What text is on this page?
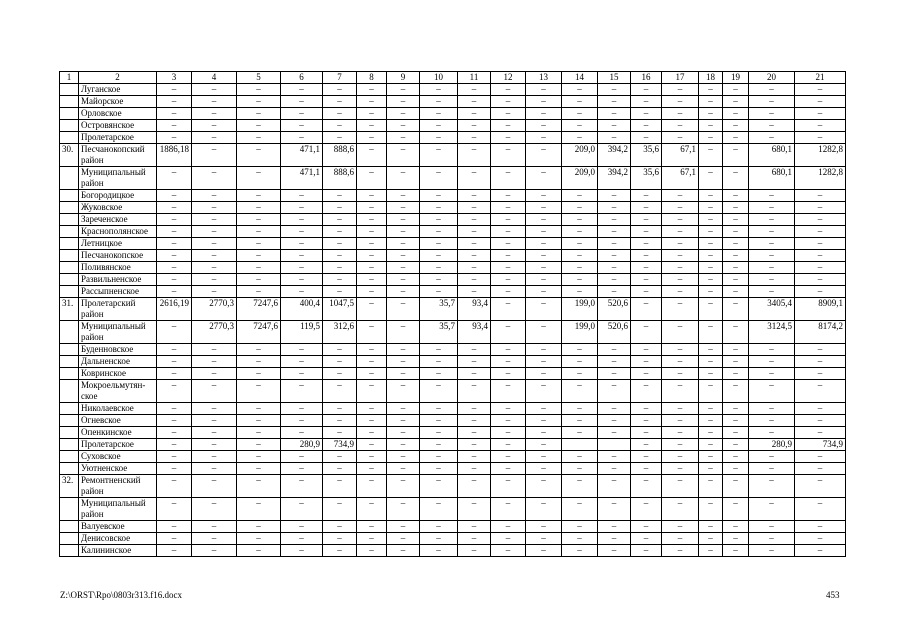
1	2	3	4	5	6	7	8	9	10	11	12	13	14	15	16	17	18	19	20	21
	Луганское	–	–	–	–	–	–	–	–	–	–	–	–	–	–	–	–	–	–	–
	Майорское	–	–	–	–	–	–	–	–	–	–	–	–	–	–	–	–	–	–	–
	Орловское	–	–	–	–	–	–	–	–	–	–	–	–	–	–	–	–	–	–	–
	Островянское	–	–	–	–	–	–	–	–	–	–	–	–	–	–	–	–	–	–	–
	Пролетарское	–	–	–	–	–	–	–	–	–	–	–	–	–	–	–	–	–	–	–
30.	Песчанокопский район	1886,18	–	–	471,1	888,6	–	–	–	–	–	–	209,0	394,2	35,6	67,1	–	–	680,1	1282,8
	Муниципальный район	–	–	–	471,1	888,6	–	–	–	–	–	–	209,0	394,2	35,6	67,1	–	–	680,1	1282,8
	Богородицкое	–	–	–	–	–	–	–	–	–	–	–	–	–	–	–	–	–	–	–
	Жуковское	–	–	–	–	–	–	–	–	–	–	–	–	–	–	–	–	–	–	–
	Зареченское	–	–	–	–	–	–	–	–	–	–	–	–	–	–	–	–	–	–	–
	Краснополянское	–	–	–	–	–	–	–	–	–	–	–	–	–	–	–	–	–	–	–
	Летницкое	–	–	–	–	–	–	–	–	–	–	–	–	–	–	–	–	–	–	–
	Песчанокопское	–	–	–	–	–	–	–	–	–	–	–	–	–	–	–	–	–	–	–
	Поливянское	–	–	–	–	–	–	–	–	–	–	–	–	–	–	–	–	–	–	–
	Развильненское	–	–	–	–	–	–	–	–	–	–	–	–	–	–	–	–	–	–	–
	Рассыпненское	–	–	–	–	–	–	–	–	–	–	–	–	–	–	–	–	–	–	–
31.	Пролетарский район	2616,19	2770,3	7247,6	400,4	1047,5	–	–	35,7	93,4	–	–	199,0	520,6	–	–	–	–	3405,4	8909,1
	Муниципальный район	–	2770,3	7247,6	119,5	312,6	–	–	35,7	93,4	–	–	199,0	520,6	–	–	–	–	3124,5	8174,2
	Буденновское	–	–	–	–	–	–	–	–	–	–	–	–	–	–	–	–	–	–	–
	Дальненское	–	–	–	–	–	–	–	–	–	–	–	–	–	–	–	–	–	–	–
	Ковринское	–	–	–	–	–	–	–	–	–	–	–	–	–	–	–	–	–	–	–
	Мокроельмутян-ское	–	–	–	–	–	–	–	–	–	–	–	–	–	–	–	–	–	–	–
	Николаевское	–	–	–	–	–	–	–	–	–	–	–	–	–	–	–	–	–	–	–
	Огневское	–	–	–	–	–	–	–	–	–	–	–	–	–	–	–	–	–	–	–
	Опенкинское	–	–	–	–	–	–	–	–	–	–	–	–	–	–	–	–	–	–	–
	Пролетарское	–	–	–	280,9	734,9	–	–	–	–	–	–			–	–	–	–	280,9	734,9
	Суховское	–	–	–	–	–	–	–	–	–	–	–	–	–	–	–	–	–	–	–
	Уютненское	–	–	–	–	–	–	–	–	–	–	–	–	–	–	–	–	–	–	–
32.	Ремонтненский район	–	–	–	–	–	–	–	–	–	–	–	–	–	–	–	–	–	–	–
	Муниципальный район	–	–	–	–	–	–	–	–	–	–	–	–	–	–	–	–	–	–	–
	Валуевское	–	–	–	–	–	–	–	–	–	–	–	–	–	–	–	–	–	–	–
	Денисовское	–	–	–	–	–	–	–	–	–	–	–	–	–	–	–	–	–	–	–
	Калининское	–	–	–	–	–	–	–	–	–	–	–	–	–	–	–	–	–	–	–
Z:\ORST\Rpo\0803r313.f16.docx	453
